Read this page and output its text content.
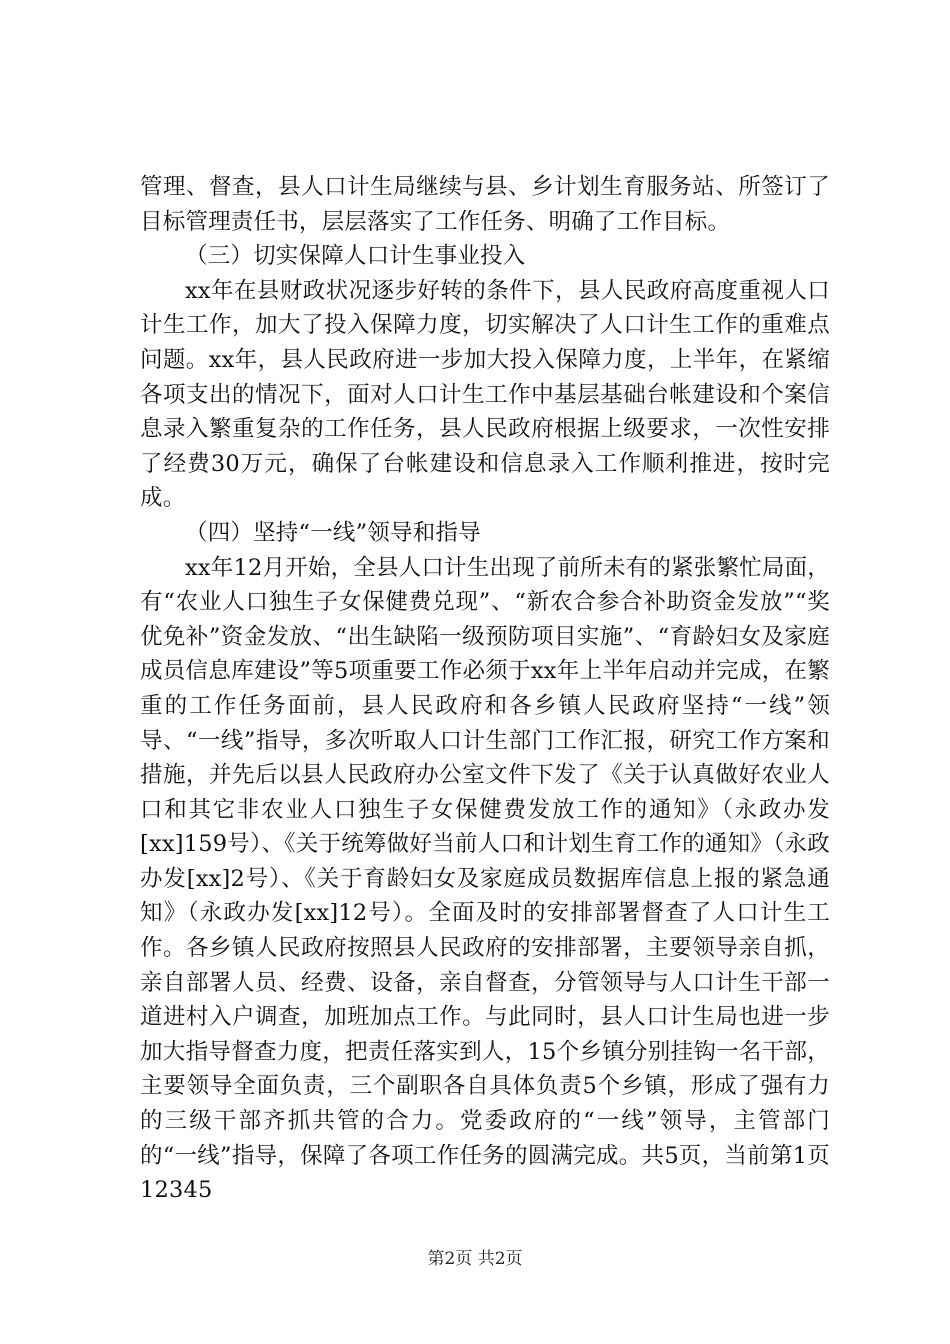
管理、督查，县人口计生局继续与县、乡计划生育服务站、所签订了目标管理责任书，层层落实了工作任务、明确了工作目标。

（三）切实保障人口计生事业投入

xx年在县财政状况逐步好转的条件下，县人民政府高度重视人口计生工作，加大了投入保障力度，切实解决了人口计生工作的重难点问题。xx年，县人民政府进一步加大投入保障力度，上半年，在紧缩各项支出的情况下，面对人口计生工作中基层基础台帐建设和个案信息录入繁重复杂的工作任务，县人民政府根据上级要求，一次性安排了经费30万元，确保了台帐建设和信息录入工作顺利推进，按时完成。

（四）坚持“一线”领导和指导

xx年12月开始，全县人口计生出现了前所未有的紧张繁忙局面，有“农业人口独生子女保健费兑现”、“新农合参合补助资金发放”“奖优免补”资金发放、“出生缺陷一级预防项目实施”、“育龄妇女及家庭成员信息库建设”等5项重要工作必须于xx年上半年启动并完成，在繁重的工作任务面前，县人民政府和各乡镇人民政府坚持“一线”领导、“一线”指导，多次听取人口计生部门工作汇报，研究工作方案和措施，并先后以县人民政府办公室文件下发了《关于认真做好农业人口和其它非农业人口独生子女保健费发放工作的通知》（永政办发[xx]159号）、《关于统筹做好当前人口和计划生育工作的通知》（永政办发[xx]2号）、《关于育龄妇女及家庭成员数据库信息上报的紧急通知》（永政办发[xx]12号）。全面及时的安排部署督查了人口计生工作。各乡镇人民政府按照县人民政府的安排部署，主要领导亲自抓，亲自部署人员、经费、设备，亲自督查，分管领导与人口计生干部一道进村入户调查，加班加点工作。与此同时，县人口计生局也进一步加大指导督查力度，把责任落实到人，15个乡镇分别挂钩一名干部，主要领导全面负责，三个副职各自具体负责5个乡镇，形成了强有力的三级干部齐抓共管的合力。党委政府的“一线”领导，主管部门的“一线”指导，保障了各项工作任务的圆满完成。共5页，当前第1页12345

第2页 共2页
